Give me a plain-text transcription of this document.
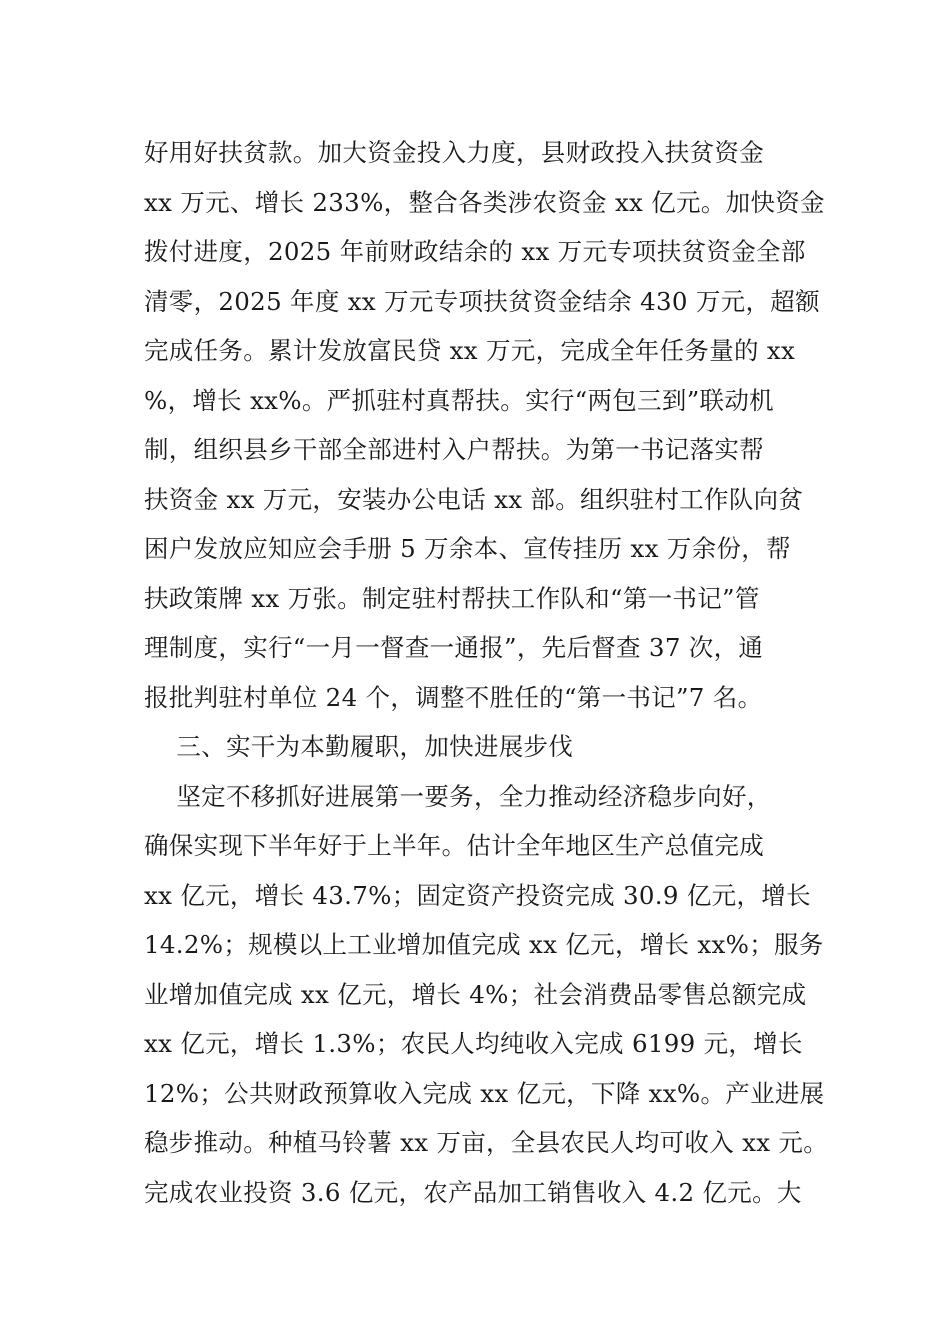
好用好扶贫款。加大资金投入力度，县财政投入扶贫资金
xx 万元、增长 233%，整合各类涉农资金 xx 亿元。加快资金
拨付进度，2025 年前财政结余的 xx 万元专项扶贫资金全部
清零，2025 年度 xx 万元专项扶贫资金结余 430 万元，超额
完成任务。累计发放富民贷 xx 万元，完成全年任务量的 xx
%，增长 xx%。严抓驻村真帮扶。实行“两包三到”联动机
制，组织县乡干部全部进村入户帮扶。为第一书记落实帮
扶资金 xx 万元，安装办公电话 xx 部。组织驻村工作队向贫
困户发放应知应会手册 5 万余本、宣传挂历 xx 万余份，帮
扶政策牌 xx 万张。制定驻村帮扶工作队和“第一书记”管
理制度，实行“一月一督查一通报”，先后督查 37 次，通
报批判驻村单位 24 个，调整不胜任的“第一书记”7 名。
三、实干为本勤履职，加快进展步伐
坚定不移抓好进展第一要务，全力推动经济稳步向好，
确保实现下半年好于上半年。估计全年地区生产总值完成
xx 亿元，增长 43.7%；固定资产投资完成 30.9 亿元，增长
14.2%；规模以上工业增加值完成 xx 亿元，增长 xx%；服务
业增加值完成 xx 亿元，增长 4%；社会消费品零售总额完成
xx 亿元，增长 1.3%；农民人均纯收入完成 6199 元，增长
12%；公共财政预算收入完成 xx 亿元，下降 xx%。产业进展
稳步推动。种植马铃薯 xx 万亩，全县农民人均可收入 xx 元。
完成农业投资 3.6 亿元，农产品加工销售收入 4.2 亿元。大
